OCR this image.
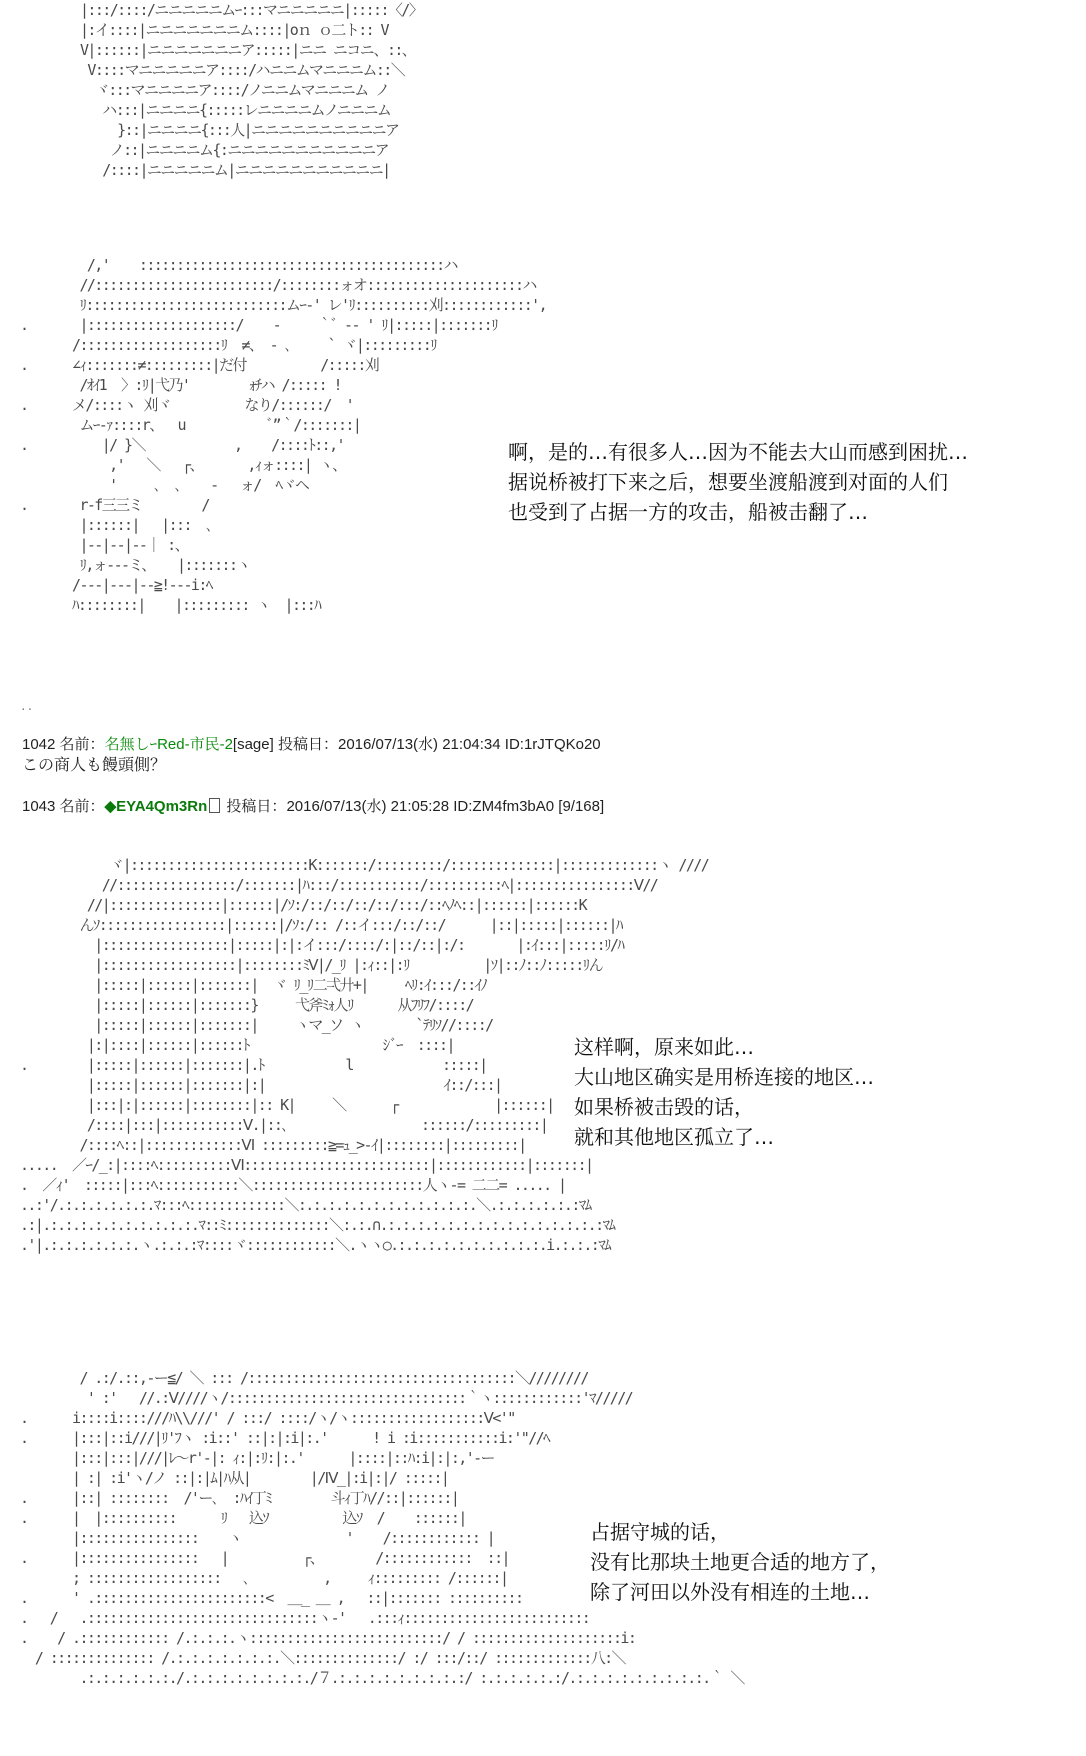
|:::/::::/ニニニニニムｰ:::マニニニニニ|:::::〈/〉
|:イ::::|ニニニニニニニム::::|oｎ ｏ二ト:: V
V|::::::|ニニニニニニニア:::::|ニニ ニコニ、::、
V::::マニニニニニア::::/ハニニムマニニニム::＼
ヾ:::マニニニニア::::/ノニニムマニニニム ノ
ハ:::|ニニニニ{:::::レニニニニムノニニニム
}::|ニニニニ{:::人|ニニニニニニニニニニア
ノ::|ニニニニム{:ニニニニニニニニニニニア
/::::|ニニニニニム|ニニニニニニニニニニニ|
/,'    :::::::::::::::::::::::::::::::::::::::::ハ
//::::::::::::::::::::::::/::::::::ォオ:::::::::::::::::::::ハ
ﾘ:::::::::::::::::::::::::::ムｰ‐' レ'ﾘ::::::::::刈::::::::::::',
.       |::::::::::::::::::::/    ‐     ｀゛-‐ ' ﾘ|:::::|:::::::ﾘ
/:::::::::::::::::::ﾘ  ≠、 ‐ ､     ` ヾ|:::::::::ﾘ
.      ∠ｨ:::::::≠:::::::::|だ付          /:::::刈
/ｵｲ1  〉:ﾘ|弋乃'        ｫﾁハ /::::: !
.      メ/::::ヽ 刈ヾ          なり/::::::/  '
ムｰ‐ｧ::::r、  u           ﾞ”｀/:::::::|
.          |/ }＼            ,    /::::ﾄ::,'
,'   ＼   ┌、      ,ｨォ::::| ヽ、
'     ､  ､    -   ォ/  ﾍヾヘ
.       r‐f三三ミ        /
|::::::|   |:::  ､
|‐‐|‐‐|‐‐｜ :、
ﾘ,ォ‐‐‐ミ、   |:::::::ヽ
/‐‐‐|‐‐‐|‐‐≧!‐‐‐i:ﾍ
ﾊ::::::::|    |::::::::: ヽ  |:::ﾊ
啊，是的…有很多人…因为不能去大山而感到困扰…
据说桥被打下来之后，想要坐渡船渡到对面的人们
也受到了占据一方的攻击，船被击翻了…
..
1042 名前：名無しｰRed-市民-2[sage] 投稿日：2016/07/13(水) 21:04:34 ID:1rJTQKo20
この商人も饅頭側？
1043 名前：◆EYA4Qm3Rn 投稿日：2016/07/13(水) 21:05:28 ID:ZM4fm3bA0 [9/168]
ヾ|::::::::::::::::::::::::K:::::::/:::::::::/::::::::::::::|:::::::::::::ヽ ////
//::::::::::::::::/:::::::|ﾊ:::/:::::::::::/::::::::::ﾍ|::::::::::::::::Ⅴ//
//|:::::::::::::::|::::::|/ｿ:/::/::/::/::/:::/::ﾍﾉﾍ::|::::::|::::::K
んｿ:::::::::::::::::|::::::|/ｿ:/:: /::イ:::/::/::/      |::|:::::|::::::|ﾊ
|:::::::::::::::::|:::::|:|:イ:::/::::/:|::/::|:/:       |:ｲ:::|:::::ﾘ/ﾊ
|::::::::::::::::::|::::::::ﾐⅤ|/_ﾘ |:ｨ::|:ﾘ          |ｿ|::ﾉ::ﾉ:::::ﾘん
|:::::|::::::|:::::::|  ヾ ﾘ_ﾘ二弌廾+|     ﾍﾘ:ｲ:::/::ｲﾉ
|:::::|::::::|:::::::}     弋斧ﾐｫ人ﾘ      从ﾌﾘﾌ/::::/
|:::::|::::::|:::::::|     ヽマ_ソ ヽ       `ﾃﾘｿ//::::/
|:|::::|::::::|::::::ﾄ                  ｼﾞｰ  ::::|
.        |:::::|::::::|:::::::|.ﾄ           l            :::::|
|:::::|::::::|:::::::|:|                        ｲ::/:::|
|:::|:|::::::|::::::::|:: K|     ＼      ┌             |::::::|
/::::|:::|:::::::::::Ⅴ.|::､                  ::::::/:::::::::|
/::::ﾍ::|:::::::::::::Ⅵ :::::::::≧=ｭ_>‐ｲ|::::::::|:::::::::|
.....  ／ｰ/_:|::::ﾍ::::::::::Ⅵ:::::::::::::::::::::::::|::::::::::::|:::::::|
.  ／ｨ'  :::::|:::ﾍ:::::::::::＼:::::::::::::::::::::::人ヽ-= 二二= ..... |
..:'/.:.:.:.:.:.:.ﾏ:::ﾍ:::::::::::::＼:.:.:.:.:.:.:.:.:.:.:.:.＼.:.:.:.:.:.:ﾏﾑ
.:|.:.:.:.:.:.:.:.:.:.:.ﾏ::ﾐ::::::::::::::＼:.:.∩.:.:.:.:.:.:.:.:.:.:.:.:.:.:.:ﾏﾑ
.'|.:.:.:.:.:.:.ヽ.:.:.:ﾏ::::ヾ::::::::::::＼.ヽヽ○.:.:.:.:.:.:.:.:.:.:.i.:.:.:ﾏﾑ
这样啊，原来如此…
大山地区确实是用桥连接的地区…
如果桥被击毁的话，
就和其他地区孤立了…
/ .:/.::,‐ー≦/ ＼ ::: /::::::::::::::::::::::::::::::::::::＼////////
' :'   //.:Ⅴ////ヽ/::::::::::::::::::::::::::::::::｀ヽ::::::::::::'ﾏ/////
.      i::::i::::///ﾊ\\///' / :::/ ::::/ヽ/ヽ::::::::::::::::::Ⅴ<'"
.      |:::|::i///|ﾘ'ﾌヽ :i::' ::|:|:i|:.'      ! i :i:::::::::::i:'"//ﾍ
|:::|:::|///|ﾚ〜r'‐|: ｨ:|:ﾘ:|:.'      |::::|::ﾊ:i|:|:,'‐ー
| :| :i'ヽ/ノ ::|:|ﾑ|ﾊ从|        |/Ⅳ_|:i|:|/ :::::|
.      |::| ::::::::  /'ー､  :ﾊｲ丁ﾐ        斗ｨ丁ﾊ//::|::::::|
.      |  |::::::::::      ﾘ   込ｿ          込ｿ  /    ::::::|
|::::::::::::::::    ヽ              '    /:::::::::::: |
.      |::::::::::::::::   |          ┌、       /::::::::::::  ::|
; ::::::::::::::::::   ､          ,     ｨ::::::::: /::::::|
.      ' .:::::::::::::::::::::::<  ＿_ ＿ ,   ::|::::::: ::::::::::
.   /   .:::::::::::::::::::::::::::::::ヽ‐'   .:::ｨ:::::::::::::::::::::::::
.    / .:::::::::::: /.:.:.:.ヽ::::::::::::::::::::::::::/ / ::::::::::::::::::::i:
/ :::::::::::::: /.:.:.:.:.:.:.:.＼::::::::::::::/ :/ :::/::/ :::::::::::::八:＼
.:.:.:.:.:.:./.:.:.:.:.:.:.:.:./７.:.:.:.:.:.:.:.:.:/ :.:.:.:.:.:/.:.:.:.:.:.:.:.:.:.｀ ＼
占据守城的话，
没有比那块土地更合适的地方了，
除了河田以外没有相连的土地…
